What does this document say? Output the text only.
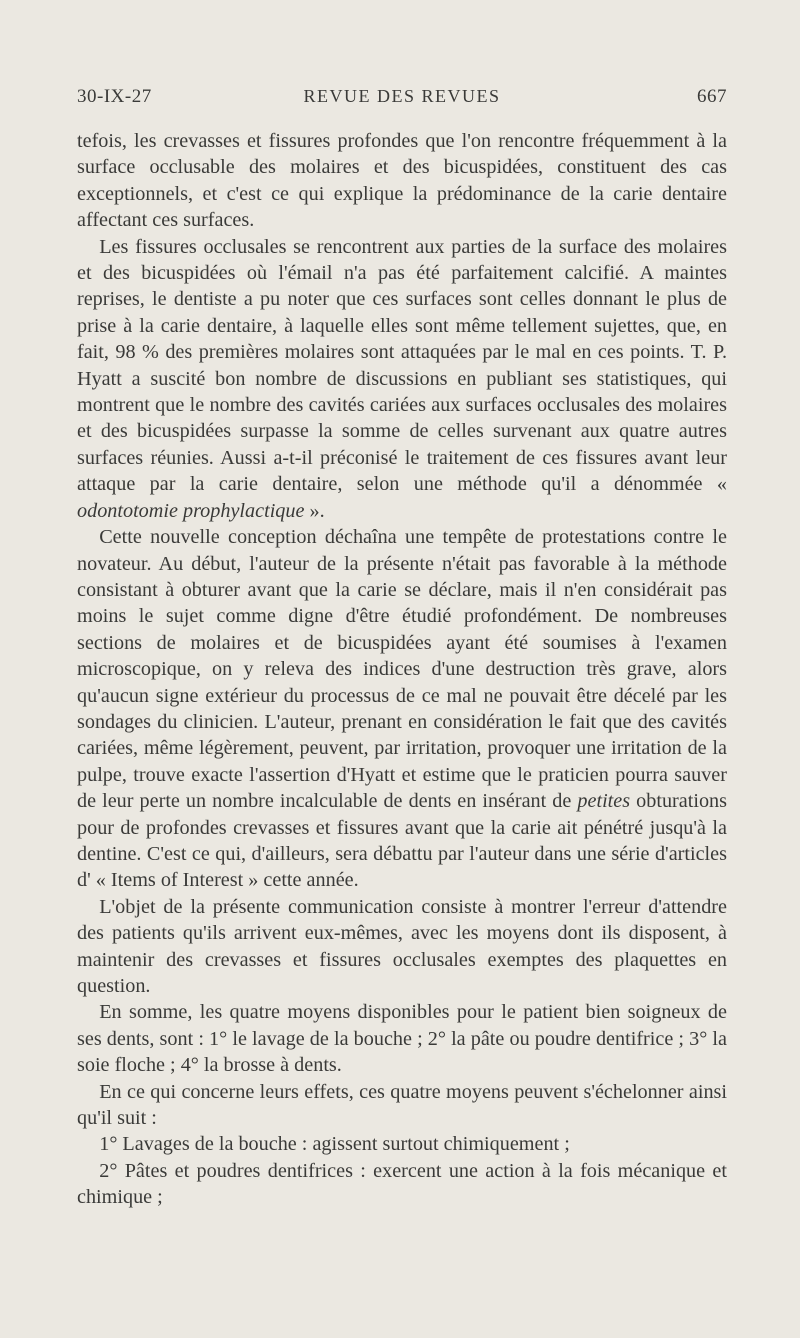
30-IX-27	REVUE DES REVUES	667

tefois, les crevasses et fissures profondes que l'on rencontre fréquemment à la surface occlusable des molaires et des bicuspidées, constituent des cas exceptionnels, et c'est ce qui explique la prédominance de la carie dentaire affectant ces surfaces.

Les fissures occlusales se rencontrent aux parties de la surface des molaires et des bicuspidées où l'émail n'a pas été parfaitement calcifié. A maintes reprises, le dentiste a pu noter que ces surfaces sont celles donnant le plus de prise à la carie dentaire, à laquelle elles sont même tellement sujettes, que, en fait, 98 % des premières molaires sont attaquées par le mal en ces points. T. P. Hyatt a suscité bon nombre de discussions en publiant ses statistiques, qui montrent que le nombre des cavités cariées aux surfaces occlusales des molaires et des bicuspidées surpasse la somme de celles survenant aux quatre autres surfaces réunies. Aussi a-t-il préconisé le traitement de ces fissures avant leur attaque par la carie dentaire, selon une méthode qu'il a dénommée « odontotomie prophylactique ».

Cette nouvelle conception déchaîna une tempête de protestations contre le novateur. Au début, l'auteur de la présente n'était pas favorable à la méthode consistant à obturer avant que la carie se déclare, mais il n'en considérait pas moins le sujet comme digne d'être étudié profondément. De nombreuses sections de molaires et de bicuspidées ayant été soumises à l'examen microscopique, on y releva des indices d'une destruction très grave, alors qu'aucun signe extérieur du processus de ce mal ne pouvait être décelé par les sondages du clinicien. L'auteur, prenant en considération le fait que des cavités cariées, même légèrement, peuvent, par irritation, provoquer une irritation de la pulpe, trouve exacte l'assertion d'Hyatt et estime que le praticien pourra sauver de leur perte un nombre incalculable de dents en insérant de petites obturations pour de profondes crevasses et fissures avant que la carie ait pénétré jusqu'à la dentine. C'est ce qui, d'ailleurs, sera débattu par l'auteur dans une série d'articles d' « Items of Interest » cette année.

L'objet de la présente communication consiste à montrer l'erreur d'attendre des patients qu'ils arrivent eux-mêmes, avec les moyens dont ils disposent, à maintenir des crevasses et fissures occlusales exemptes des plaquettes en question.

En somme, les quatre moyens disponibles pour le patient bien soigneux de ses dents, sont : 1° le lavage de la bouche ; 2° la pâte ou poudre dentifrice ; 3° la soie floche ; 4° la brosse à dents.

En ce qui concerne leurs effets, ces quatre moyens peuvent s'échelonner ainsi qu'il suit :

1° Lavages de la bouche : agissent surtout chimiquement ;

2° Pâtes et poudres dentifrices : exercent une action à la fois mécanique et chimique ;
